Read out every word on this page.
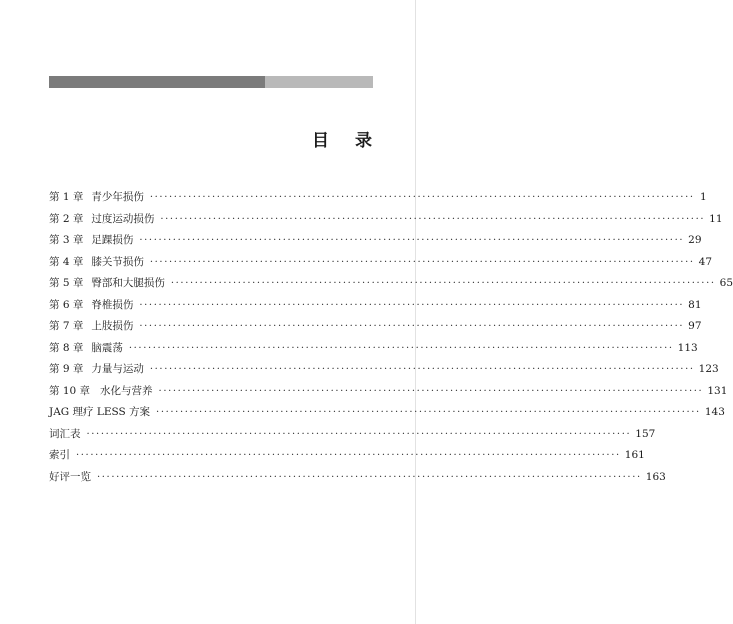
目录
第 1 章 青少年损伤 ·················································································································· 1
第 2 章 过度运动损伤 ·················································································································· 11
第 3 章 足踝损伤 ·················································································································· 29
第 4 章 膝关节损伤 ·················································································································· 47
第 5 章 臀部和大腿损伤 ·················································································································· 65
第 6 章 脊椎损伤 ·················································································································· 81
第 7 章 上肢损伤 ·················································································································· 97
第 8 章 脑震荡 ·················································································································· 113
第 9 章 力量与运动 ·················································································································· 123
第 10 章 水化与营养 ·················································································································· 131
JAG 理疗 LESS 方案 ·················································································································· 143
词汇表 ·················································································································· 157
索引 ·················································································································· 161
好评一览 ·················································································································· 163
